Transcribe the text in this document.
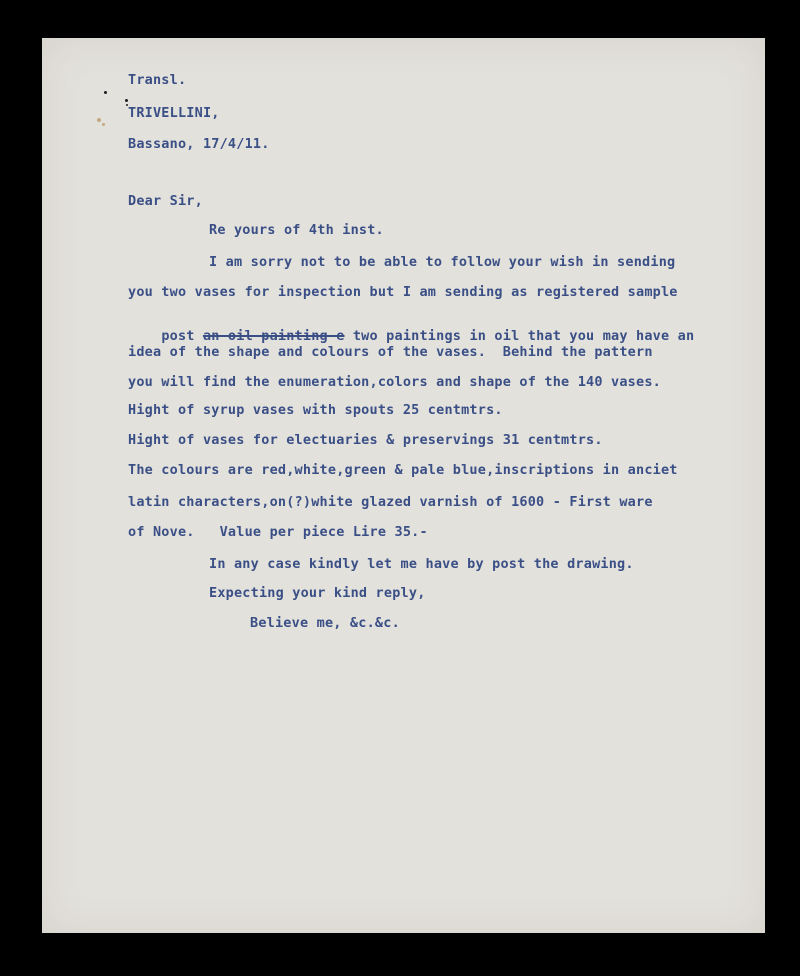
Transl.
TRIVELLINI,
Bassano, 17/4/11.
Dear Sir,
Re yours of 4th inst.
I am sorry not to be able to follow your wish in sending
you two vases for inspection but I am sending as registered sample

post an oil painting e two paintings in oil that you may have an

idea of the shape and colours of the vases.  Behind the pattern
you will find the enumeration,colors and shape of the 140 vases.
Hight of syrup vases with spouts 25 centmtrs.
Hight of vases for electuaries & preservings 31 centmtrs.
The colours are red,white,green & pale blue,inscriptions in anciet
latin characters,on(?)white glazed varnish of 1600 - First ware
of Nove.   Value per piece Lire 35.-
In any case kindly let me have by post the drawing.
Expecting your kind reply,
Believe me, &c.&c.
